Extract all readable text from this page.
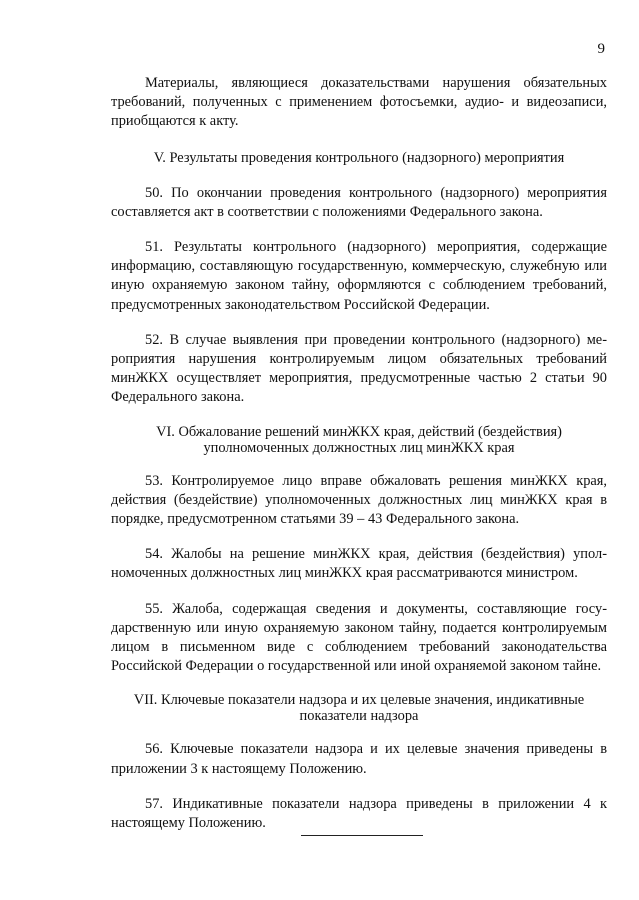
9

Материалы, являющиеся доказательствами нарушения обязательных требований, полученных с применением фотосъемки, аудио- и видеозаписи, приобщаются к акту.

V. Результаты проведения контрольного (надзорного) мероприятия

50. По окончании проведения контрольного (надзорного) мероприятия составляется акт в соответствии с положениями Федерального закона.

51. Результаты контрольного (надзорного) мероприятия, содержащие информацию, составляющую государственную, коммерческую, служебную или иную охраняемую законом тайну, оформляются с соблюдением требований, предусмотренных законодательством Российской Федерации.

52. В случае выявления при проведении контрольного (надзорного) мероприятия нарушения контролируемым лицом обязательных требований минЖКХ осуществляет мероприятия, предусмотренные частью 2 статьи 90 Федерального закона.

VI. Обжалование решений минЖКХ края, действий (бездействия)
уполномоченных должностных лиц минЖКХ края

53. Контролируемое лицо вправе обжаловать решения минЖКХ края, действия (бездействие) уполномоченных должностных лиц минЖКХ края в порядке, предусмотренном статьями 39 – 43 Федерального закона.

54. Жалобы на решение минЖКХ края, действия (бездействия) уполномоченных должностных лиц минЖКХ края рассматриваются министром.

55. Жалоба, содержащая сведения и документы, составляющие государственную или иную охраняемую законом тайну, подается контролируемым лицом в письменном виде с соблюдением требований законодательства Российской Федерации о государственной или иной охраняемой законом тайне.

VII. Ключевые показатели надзора и их целевые значения, индикативные
показатели надзора

56. Ключевые показатели надзора и их целевые значения приведены в приложении 3 к настоящему Положению.

57. Индикативные показатели надзора приведены в приложении 4 к настоящему Положению.
